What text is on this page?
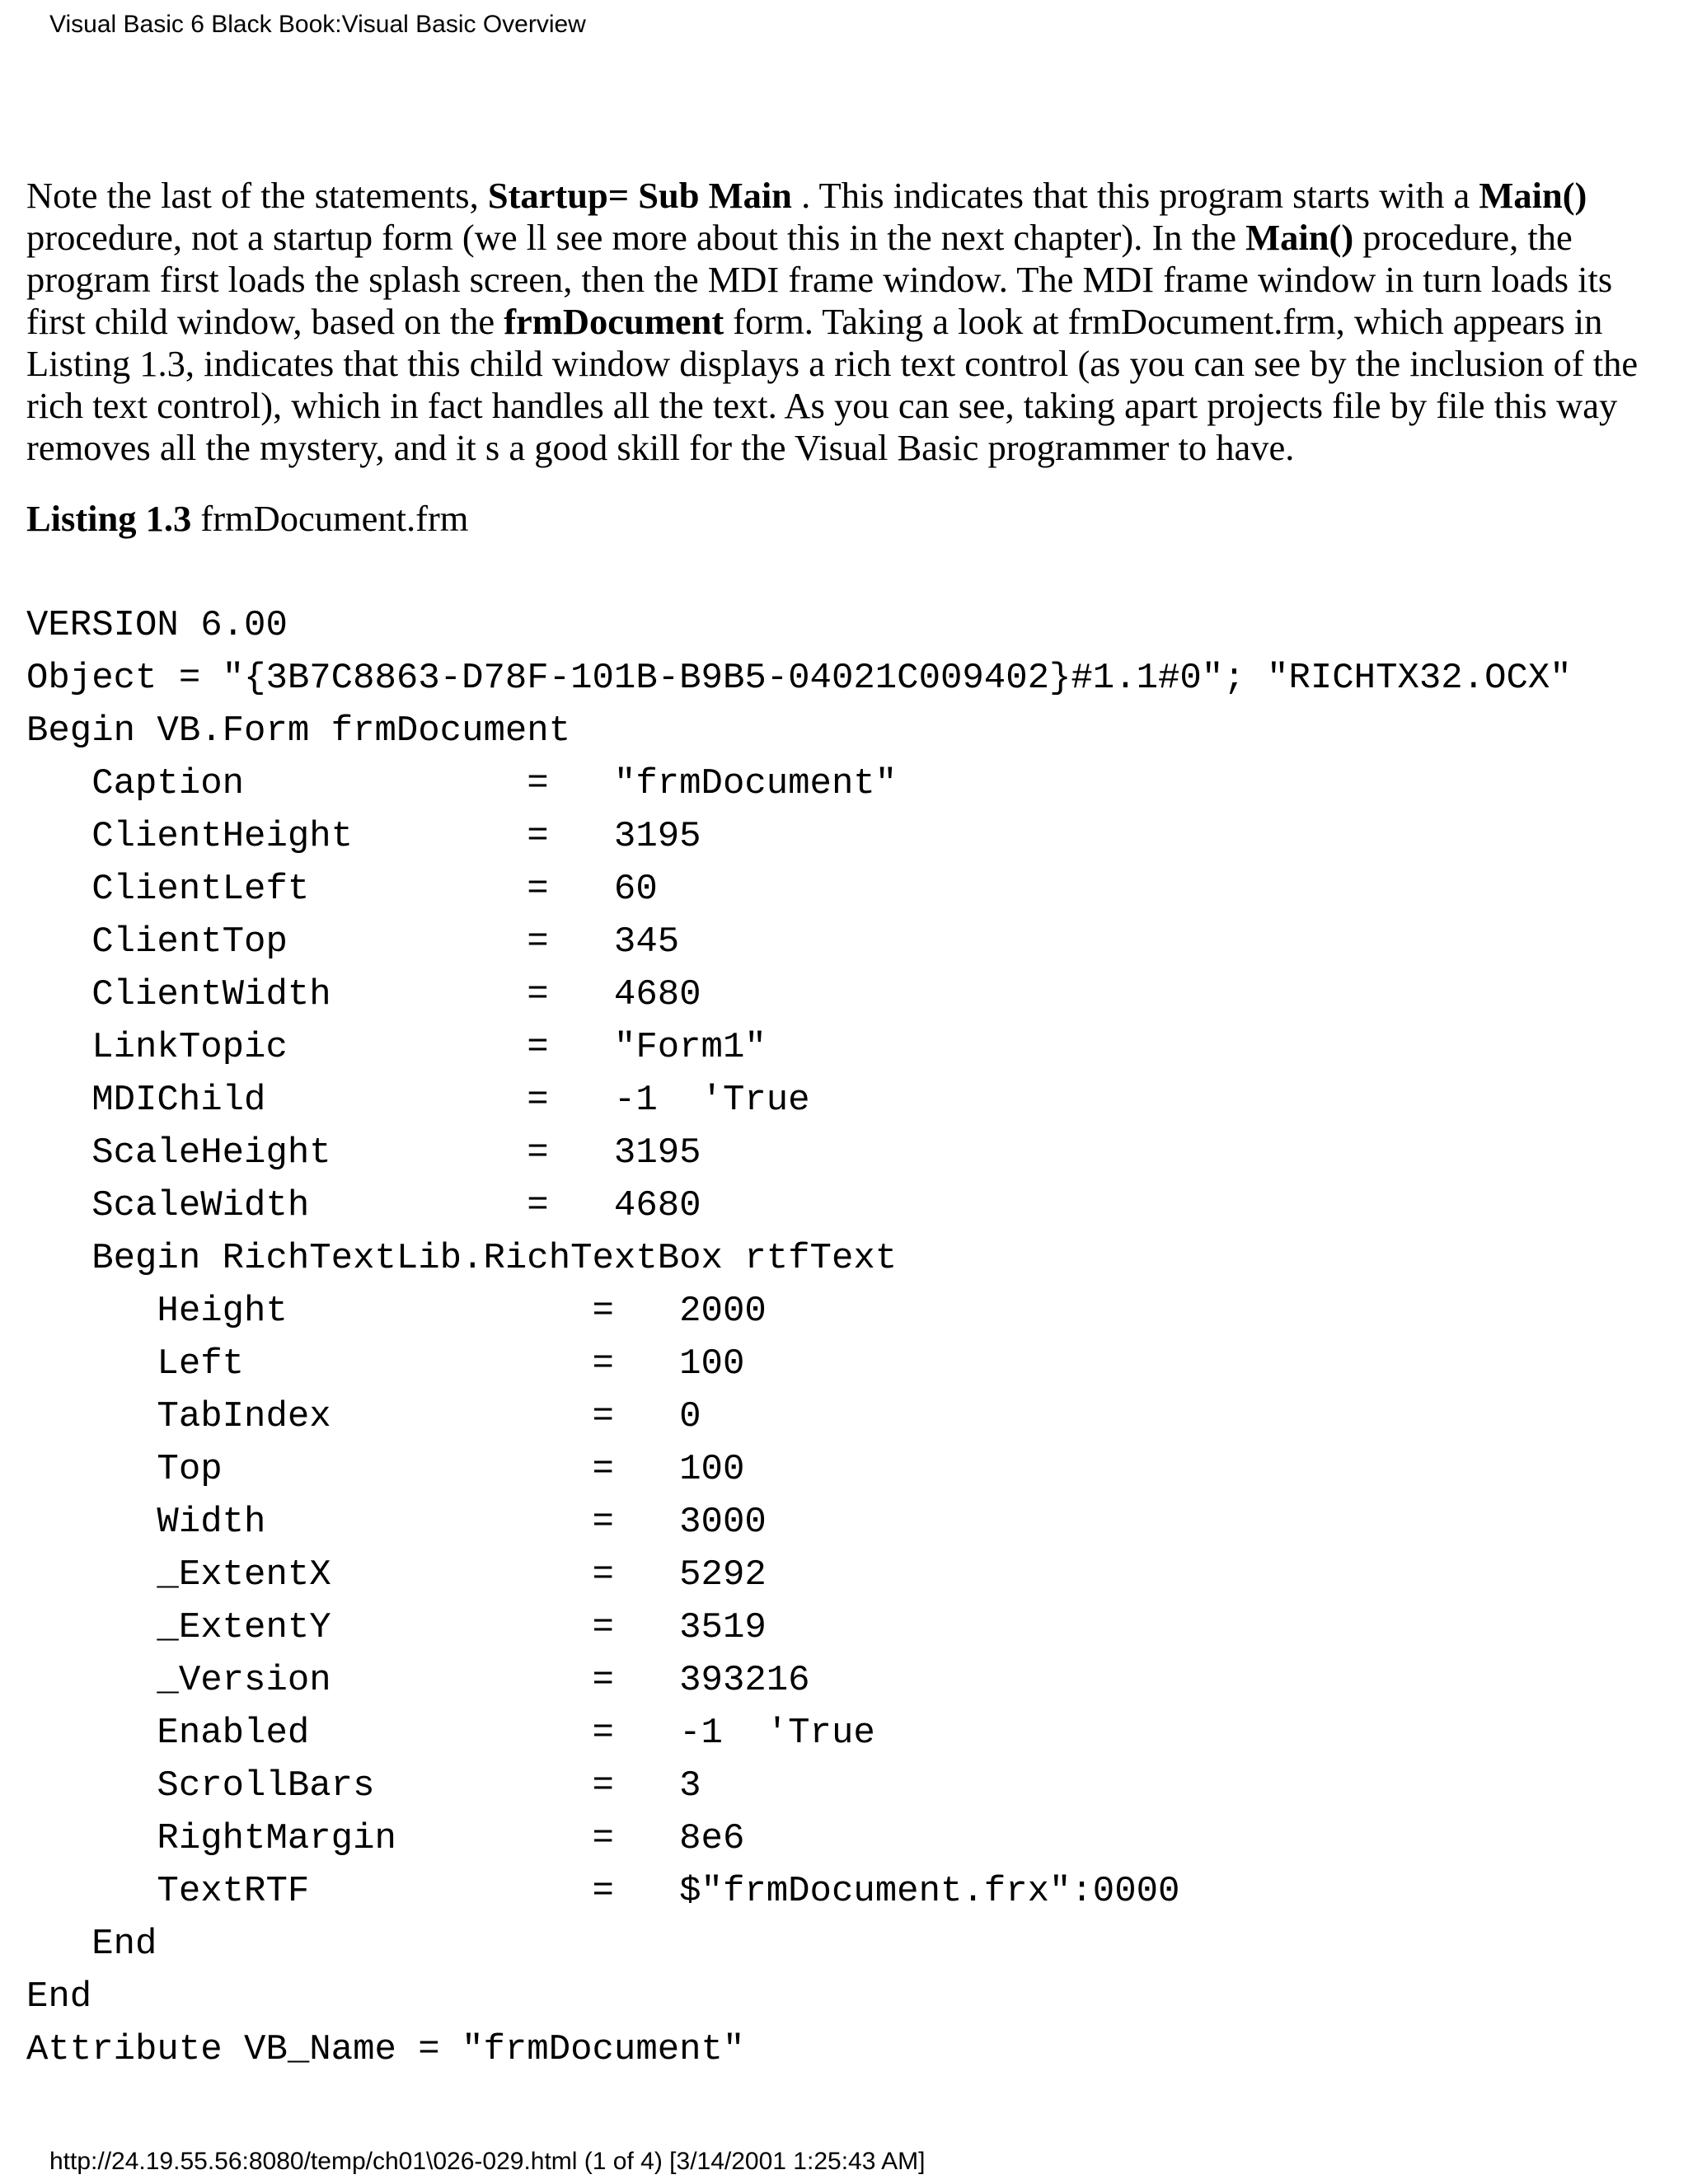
Visual Basic 6 Black Book:Visual Basic Overview
Note the last of the statements, Startup= Sub Main . This indicates that this program starts with a Main()
procedure, not a startup form (we ll see more about this in the next chapter). In the Main() procedure, the
program first loads the splash screen, then the MDI frame window. The MDI frame window in turn loads its
first child window, based on the frmDocument form. Taking a look at frmDocument.frm, which appears in
Listing 1.3, indicates that this child window displays a rich text control (as you can see by the inclusion of the
rich text control), which in fact handles all the text. As you can see, taking apart projects file by file this way
removes all the mystery, and it s a good skill for the Visual Basic programmer to have.
Listing 1.3 frmDocument.frm
VERSION 6.00
Object = "{3B7C8863-D78F-101B-B9B5-04021C009402}#1.1#0"; "RICHTX32.OCX"
Begin VB.Form frmDocument
Caption             =   "frmDocument"
ClientHeight        =   3195
ClientLeft          =   60
ClientTop           =   345
ClientWidth         =   4680
LinkTopic           =   "Form1"
MDIChild            =   -1  'True
ScaleHeight         =   3195
ScaleWidth          =   4680
Begin RichTextLib.RichTextBox rtfText
Height              =   2000
Left                =   100
TabIndex            =   0
Top                 =   100
Width               =   3000
_ExtentX            =   5292
_ExtentY            =   3519
_Version            =   393216
Enabled             =   -1  'True
ScrollBars          =   3
RightMargin         =   8e6
TextRTF             =   $"frmDocument.frx":0000
End
End
Attribute VB_Name = "frmDocument"
http://24.19.55.56:8080/temp/ch01\026-029.html (1 of 4) [3/14/2001 1:25:43 AM]
